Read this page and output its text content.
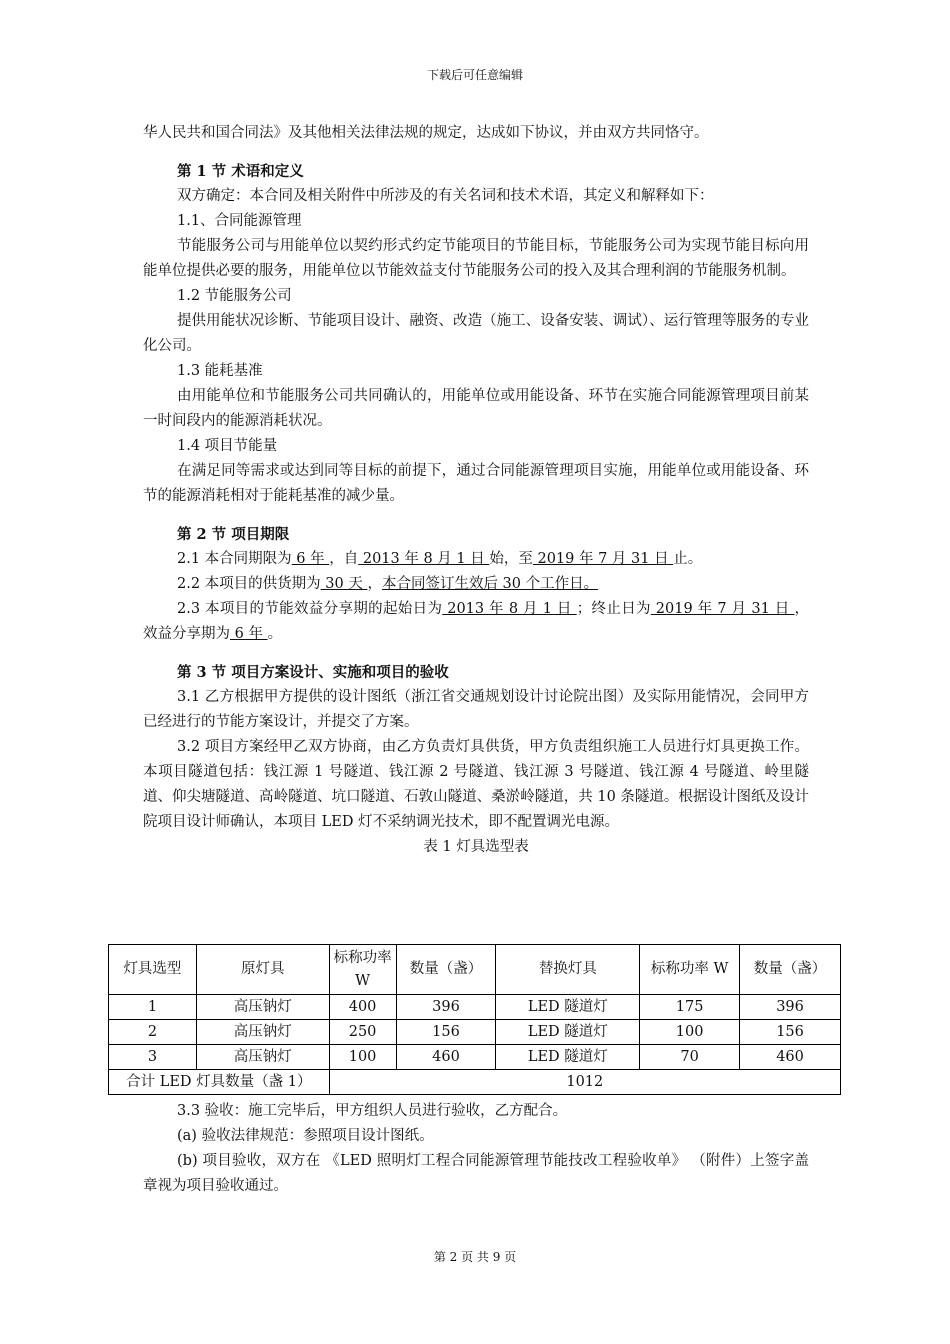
下载后可任意编辑

华人民共和国合同法》及其他相关法律法规的规定，达成如下协议，并由双方共同恪守。

第 1 节 术语和定义

双方确定：本合同及相关附件中所涉及的有关名词和技术术语，其定义和解释如下：

1.1、合同能源管理

节能服务公司与用能单位以契约形式约定节能项目的节能目标，节能服务公司为实现节能目标向用能单位提供必要的服务，用能单位以节能效益支付节能服务公司的投入及其合理利润的节能服务机制。

1.2 节能服务公司

提供用能状况诊断、节能项目设计、融资、改造（施工、设备安装、调试）、运行管理等服务的专业化公司。

1.3 能耗基准

由用能单位和节能服务公司共同确认的，用能单位或用能设备、环节在实施合同能源管理项目前某一时间段内的能源消耗状况。

1.4 项目节能量

在满足同等需求或达到同等目标的前提下，通过合同能源管理项目实施，用能单位或用能设备、环节的能源消耗相对于能耗基准的减少量。

第 2 节 项目期限

2.1 本合同期限为 6 年 ，自 2013 年 8 月 1 日 始，至 2019 年 7 月 31 日 止。

2.2 本项目的供货期为 30 天 ，本合同签订生效后 30 个工作日。

2.3 本项目的节能效益分享期的起始日为 2013 年 8 月 1 日 ；终止日为 2019 年 7 月 31 日 ，效益分享期为 6 年 。

第 3 节 项目方案设计、实施和项目的验收

3.1 乙方根据甲方提供的设计图纸（浙江省交通规划设计讨论院出图）及实际用能情况，会同甲方已经进行的节能方案设计，并提交了方案。

3.2 项目方案经甲乙双方协商，由乙方负责灯具供货，甲方负责组织施工人员进行灯具更换工作。本项目隧道包括：钱江源 1 号隧道、钱江源 2 号隧道、钱江源 3 号隧道、钱江源 4 号隧道、岭里隧道、仰尖塘隧道、高岭隧道、坑口隧道、石敦山隧道、桑淤岭隧道，共 10 条隧道。根据设计图纸及设计院项目设计师确认，本项目 LED 灯不采纳调光技术，即不配置调光电源。

表 1 灯具选型表

灯具选型	原灯具	标称功率 W	数量（盏）	替换灯具	标称功率 W	数量（盏）
1	高压钠灯	400	396	LED 隧道灯	175	396
2	高压钠灯	250	156	LED 隧道灯	100	156
3	高压钠灯	100	460	LED 隧道灯	70	460
合计 LED 灯具数量（盏 1）		1012				

3.3 验收：施工完毕后，甲方组织人员进行验收，乙方配合。

(a) 验收法律规范：参照项目设计图纸。

(b) 项目验收，双方在 《LED 照明灯工程合同能源管理节能技改工程验收单》 （附件）上签字盖章视为项目验收通过。

第 2 页 共 9 页
